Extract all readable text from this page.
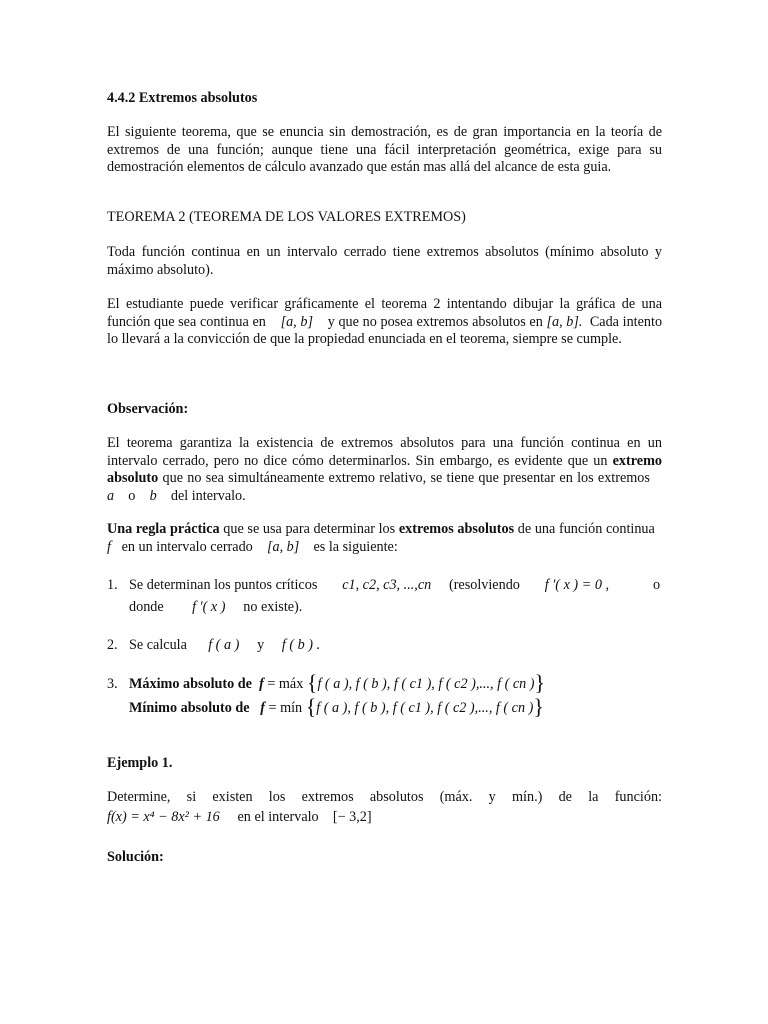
4.4.2 Extremos absolutos

El siguiente teorema, que se enuncia sin demostración, es de gran importancia en la teoría de extremos de una función; aunque tiene una fácil interpretación geométrica, exige para su demostración elementos de cálculo avanzado que están mas allá del alcance de esta guia.

TEOREMA 2 (TEOREMA DE LOS VALORES EXTREMOS)

Toda función continua en un intervalo cerrado tiene extremos absolutos (mínimo absoluto y máximo absoluto).

El estudiante puede verificar gráficamente el teorema 2 intentando dibujar la gráfica de una función que sea continua en [a, b] y que no posea extremos absolutos en [a, b]. Cada intento lo llevará a la convicción de que la propiedad enunciada en el teorema, siempre se cumple.

Observación:

El teorema garantiza la existencia de extremos absolutos para una función continua en un intervalo cerrado, pero no dice cómo determinarlos. Sin embargo, es evidente que un extremo absoluto que no sea simultáneamente extremo relativo, se tiene que presentar en los extremos    a o b del intervalo.

Una regla práctica que se usa para determinar los extremos absolutos de una función continua   f en un intervalo cerrado [a, b] es la siguiente:

1. Se determinan los puntos críticos c1, c2, c3, ...,cn (resolviendo f ′( x ) = 0 ,	o
donde f ′( x ) no existe).
2. Se calcula f ( a ) y f ( b ) .
3. Máximo absoluto de f = máx {f ( a ), f ( b ), f ( c1 ), f ( c2 ),..., f ( cn )}
Mínimo absoluto de f = mín {f ( a ), f ( b ), f ( c1 ), f ( c2 ),..., f ( cn )}

Ejemplo 1.

Determine, si existen los extremos absolutos (máx. y mín.) de la función:
f(x) = x⁴ − 8x² + 16 en el intervalo [− 3,2]

Solución:
